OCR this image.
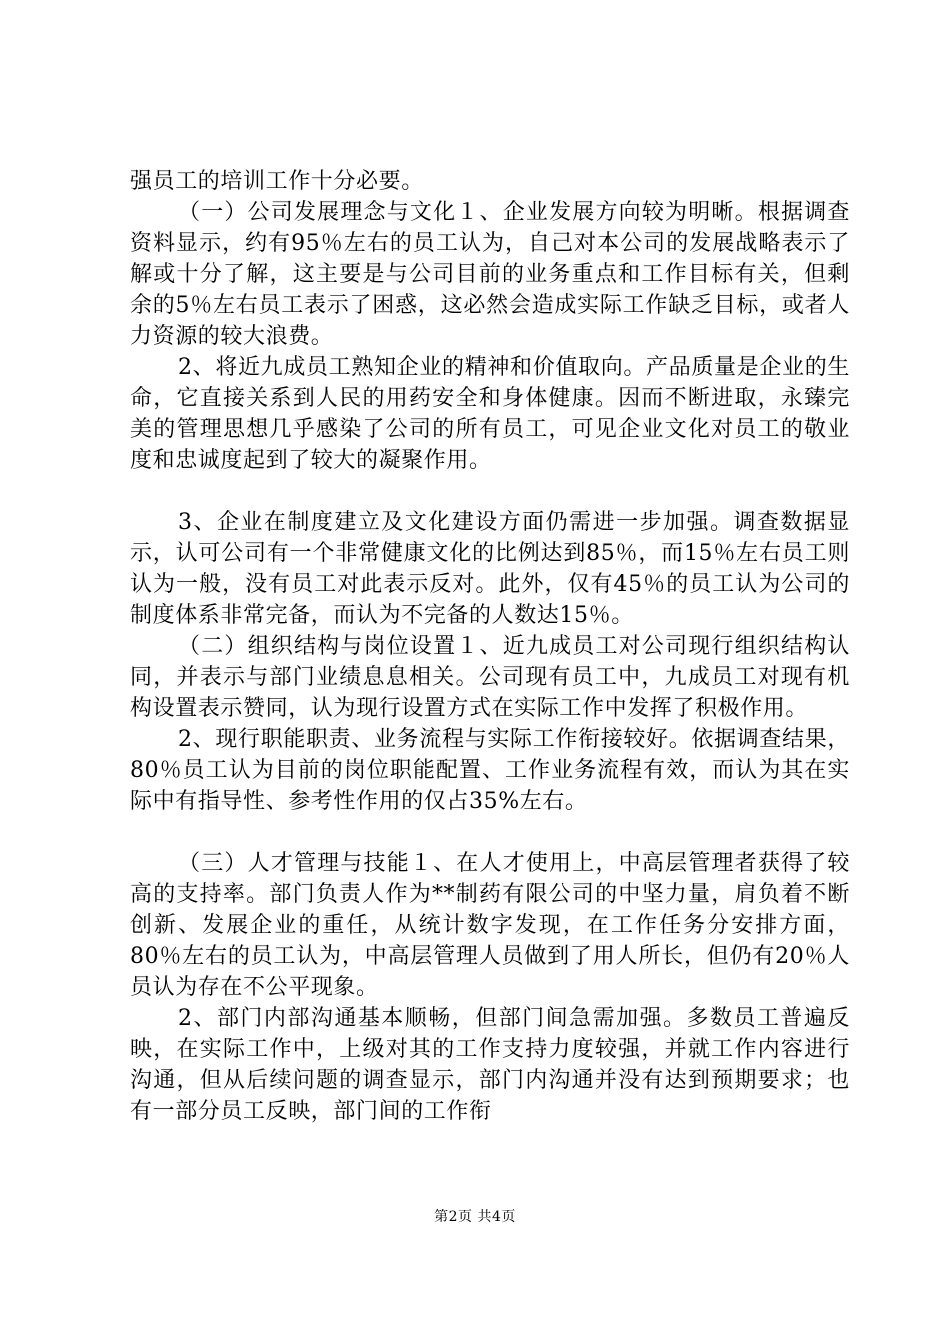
强员工的培训工作十分必要。

（一）公司发展理念与文化１、企业发展方向较为明晰。根据调查资料显示，约有95％左右的员工认为，自己对本公司的发展战略表示了解或十分了解，这主要是与公司目前的业务重点和工作目标有关，但剩余的5％左右员工表示了困惑，这必然会造成实际工作缺乏目标，或者人力资源的较大浪费。

2、将近九成员工熟知企业的精神和价值取向。产品质量是企业的生命，它直接关系到人民的用药安全和身体健康。因而不断进取，永臻完美的管理思想几乎感染了公司的所有员工，可见企业文化对员工的敬业度和忠诚度起到了较大的凝聚作用。

3、企业在制度建立及文化建设方面仍需进一步加强。调查数据显示，认可公司有一个非常健康文化的比例达到85％，而15％左右员工则认为一般，没有员工对此表示反对。此外，仅有45％的员工认为公司的制度体系非常完备，而认为不完备的人数达15％。

（二）组织结构与岗位设置１、近九成员工对公司现行组织结构认同，并表示与部门业绩息息相关。公司现有员工中，九成员工对现有机构设置表示赞同，认为现行设置方式在实际工作中发挥了积极作用。

2、现行职能职责、业务流程与实际工作衔接较好。依据调查结果，80％员工认为目前的岗位职能配置、工作业务流程有效，而认为其在实际中有指导性、参考性作用的仅占35%左右。

（三）人才管理与技能１、在人才使用上，中高层管理者获得了较高的支持率。部门负责人作为**制药有限公司的中坚力量，肩负着不断创新、发展企业的重任，从统计数字发现，在工作任务分安排方面，80％左右的员工认为，中高层管理人员做到了用人所长，但仍有20％人员认为存在不公平现象。

2、部门内部沟通基本顺畅，但部门间急需加强。多数员工普遍反映，在实际工作中，上级对其的工作支持力度较强，并就工作内容进行沟通，但从后续问题的调查显示，部门内沟通并没有达到预期要求；也有一部分员工反映，部门间的工作衔

第2页 共4页
